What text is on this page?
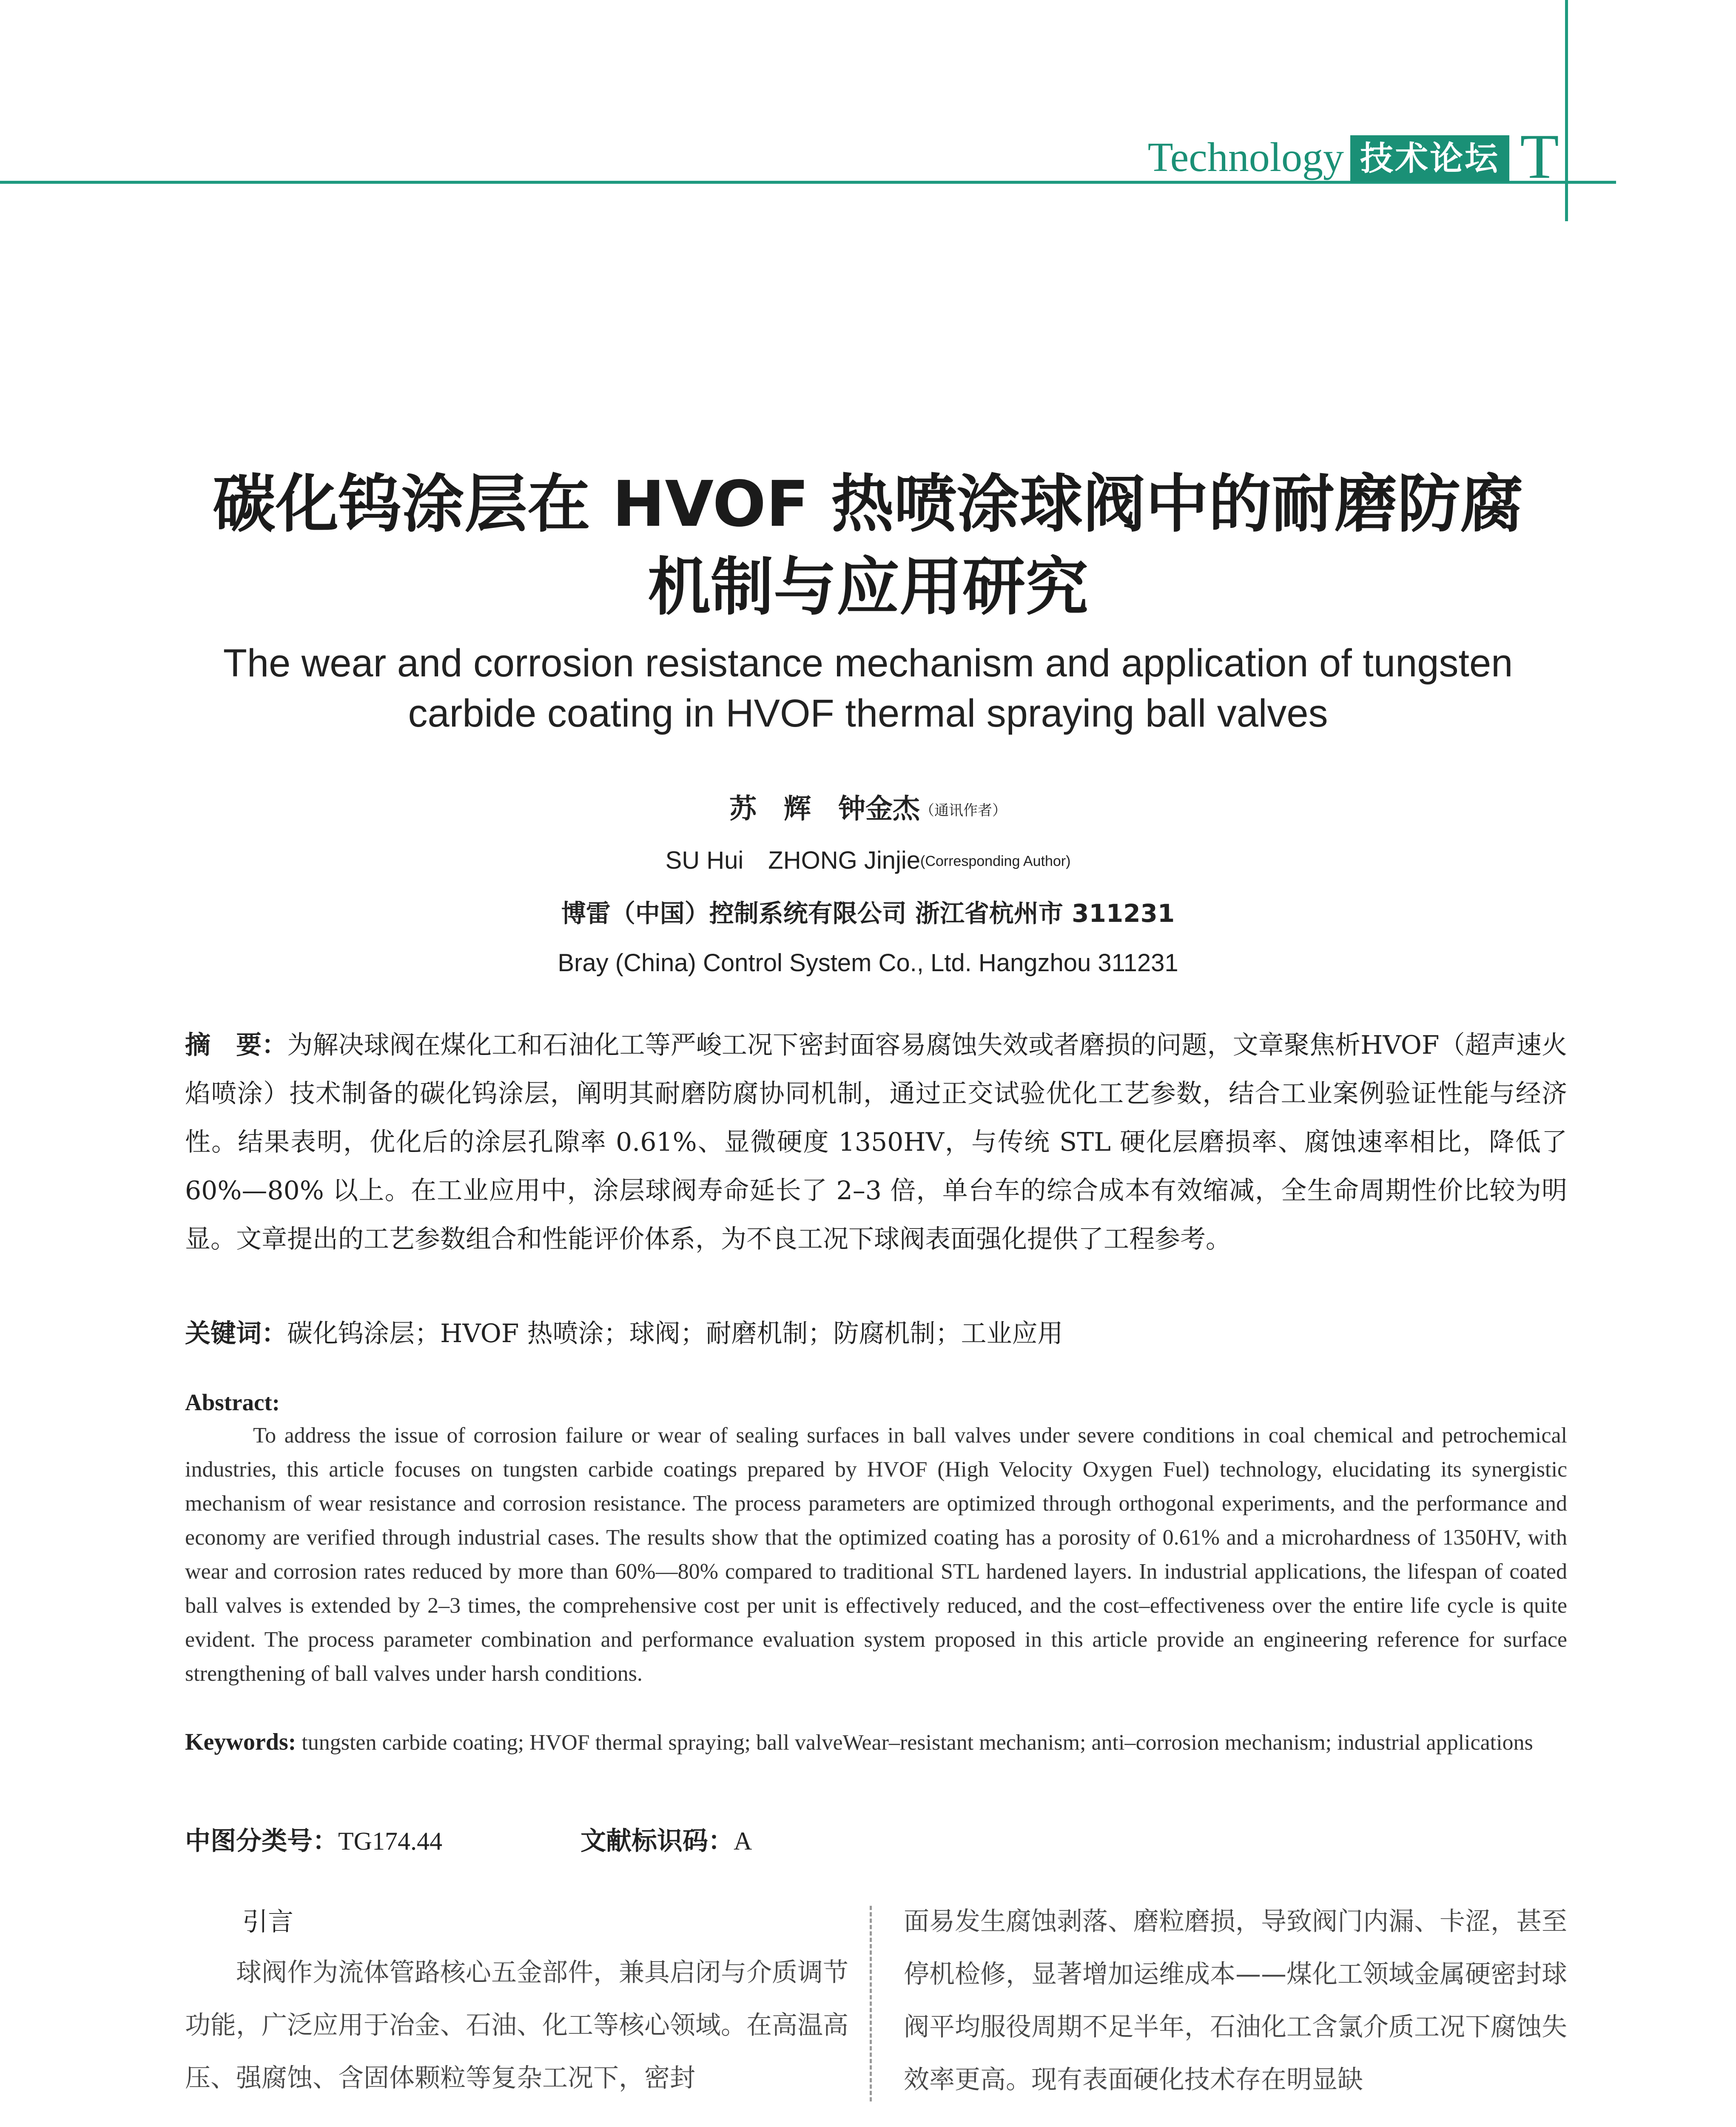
Technology 技术论坛 T
碳化钨涂层在 HVOF 热喷涂球阀中的耐磨防腐
机制与应用研究
The wear and corrosion resistance mechanism and application of tungsten
carbide coating in HVOF thermal spraying ball valves
苏　辉　钟金杰（通讯作者）
SU Hui　ZHONG Jinjie(Corresponding Author)
博雷（中国）控制系统有限公司 浙江省杭州市 311231
Bray (China) Control System Co., Ltd. Hangzhou 311231
摘　要：为解决球阀在煤化工和石油化工等严峻工况下密封面容易腐蚀失效或者磨损的问题，文章聚焦析HVOF（超声速火焰喷涂）技术制备的碳化钨涂层，阐明其耐磨防腐协同机制，通过正交试验优化工艺参数，结合工业案例验证性能与经济性。结果表明，优化后的涂层孔隙率 0.61%、显微硬度 1350HV，与传统 STL 硬化层磨损率、腐蚀速率相比，降低了 60%—80% 以上。在工业应用中，涂层球阀寿命延长了 2–3 倍，单台车的综合成本有效缩减，全生命周期性价比较为明显。文章提出的工艺参数组合和性能评价体系，为不良工况下球阀表面强化提供了工程参考。
关键词：碳化钨涂层；HVOF 热喷涂；球阀；耐磨机制；防腐机制；工业应用
Abstract:
To address the issue of corrosion failure or wear of sealing surfaces in ball valves under severe conditions in coal chemical and petrochemical industries, this article focuses on tungsten carbide coatings prepared by HVOF (High Velocity Oxygen Fuel) technology, elucidating its synergistic mechanism of wear resistance and corrosion resistance. The process parameters are optimized through orthogonal experiments, and the performance and economy are verified through industrial cases. The results show that the optimized coating has a porosity of 0.61% and a microhardness of 1350HV, with wear and corrosion rates reduced by more than 60%—80% compared to traditional STL hardened layers. In industrial applications, the lifespan of coated ball valves is extended by 2–3 times, the comprehensive cost per unit is effectively reduced, and the cost–effectiveness over the entire life cycle is quite evident. The process parameter combination and performance evaluation system proposed in this article provide an engineering reference for surface strengthening of ball valves under harsh conditions.
Keywords: tungsten carbide coating; HVOF thermal spraying; ball valveWear–resistant mechanism; anti–corrosion mechanism; industrial applications
中图分类号：TG174.44	文献标识码：A
引言
球阀作为流体管路核心五金部件，兼具启闭与介质调节功能，广泛应用于冶金、石油、化工等核心领域。在高温高压、强腐蚀、含固体颗粒等复杂工况下，密封
面易发生腐蚀剥落、磨粒磨损，导致阀门内漏、卡涩，甚至停机检修，显著增加运维成本——煤化工领域金属硬密封球阀平均服役周期不足半年，石油化工含氯介质工况下腐蚀失效率更高。现有表面硬化技术存在明显缺
